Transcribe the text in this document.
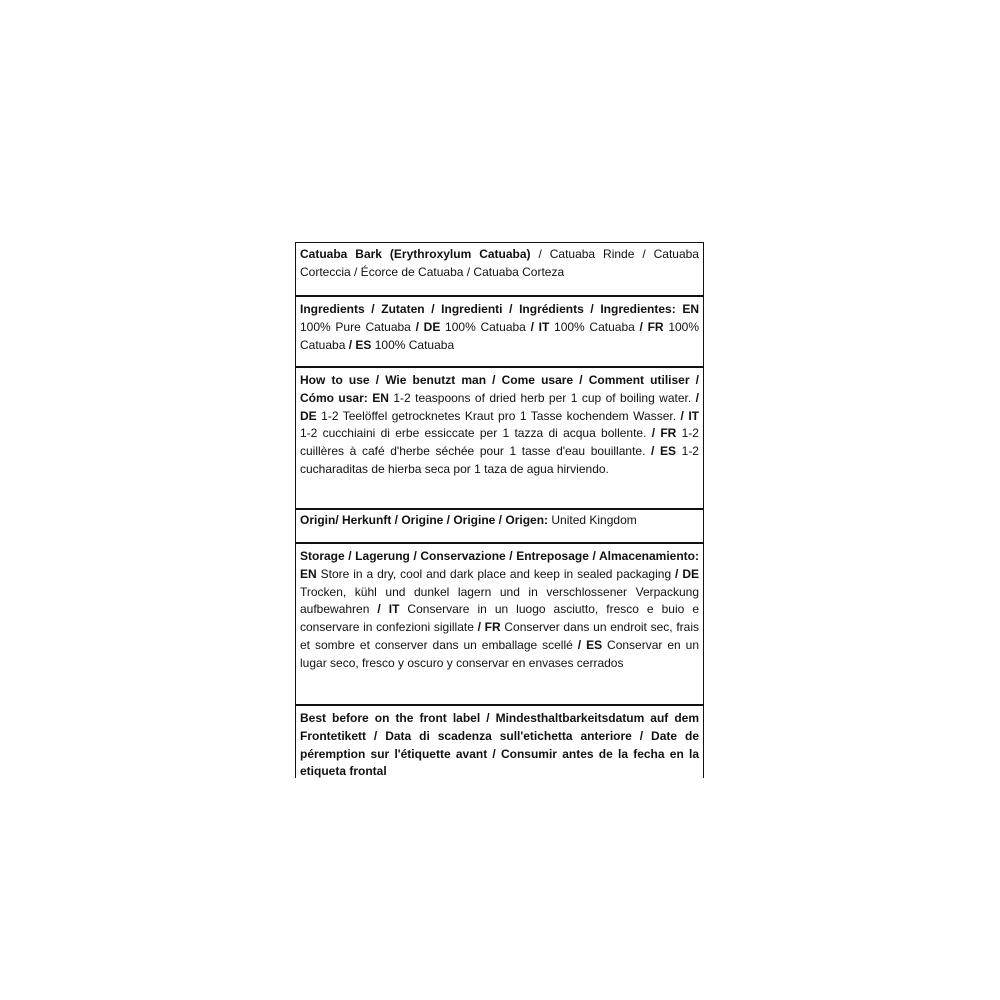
Catuaba Bark (Erythroxylum Catuaba) / Catuaba Rinde / Catuaba Corteccia / Écorce de Catuaba / Catuaba Corteza
Ingredients / Zutaten / Ingredienti / Ingrédients / Ingredientes: EN 100% Pure Catuaba / DE 100% Catuaba / IT 100% Catuaba / FR 100% Catuaba / ES 100% Catuaba
How to use / Wie benutzt man / Come usare / Comment utiliser / Cómo usar: EN 1-2 teaspoons of dried herb per 1 cup of boiling water. / DE 1-2 Teelöffel getrocknetes Kraut pro 1 Tasse kochendem Wasser. / IT 1-2 cucchiaini di erbe essiccate per 1 tazza di acqua bollente. / FR 1-2 cuillères à café d'herbe séchée pour 1 tasse d'eau bouillante. / ES 1-2 cucharaditas de hierba seca por 1 taza de agua hirviendo.
Origin/ Herkunft / Origine / Origine / Origen: United Kingdom
Storage / Lagerung / Conservazione / Entreposage / Almacenamiento: EN Store in a dry, cool and dark place and keep in sealed packaging / DE Trocken, kühl und dunkel lagern und in verschlossener Verpackung aufbewahren / IT Conservare in un luogo asciutto, fresco e buio e conservare in confezioni sigillate / FR Conserver dans un endroit sec, frais et sombre et conserver dans un emballage scellé / ES Conservar en un lugar seco, fresco y oscuro y conservar en envases cerrados
Best before on the front label / Mindesthaltbarkeitsdatum auf dem Frontetikett / Data di scadenza sull'etichetta anteriore / Date de péremption sur l'étiquette avant / Consumir antes de la fecha en la etiqueta frontal
